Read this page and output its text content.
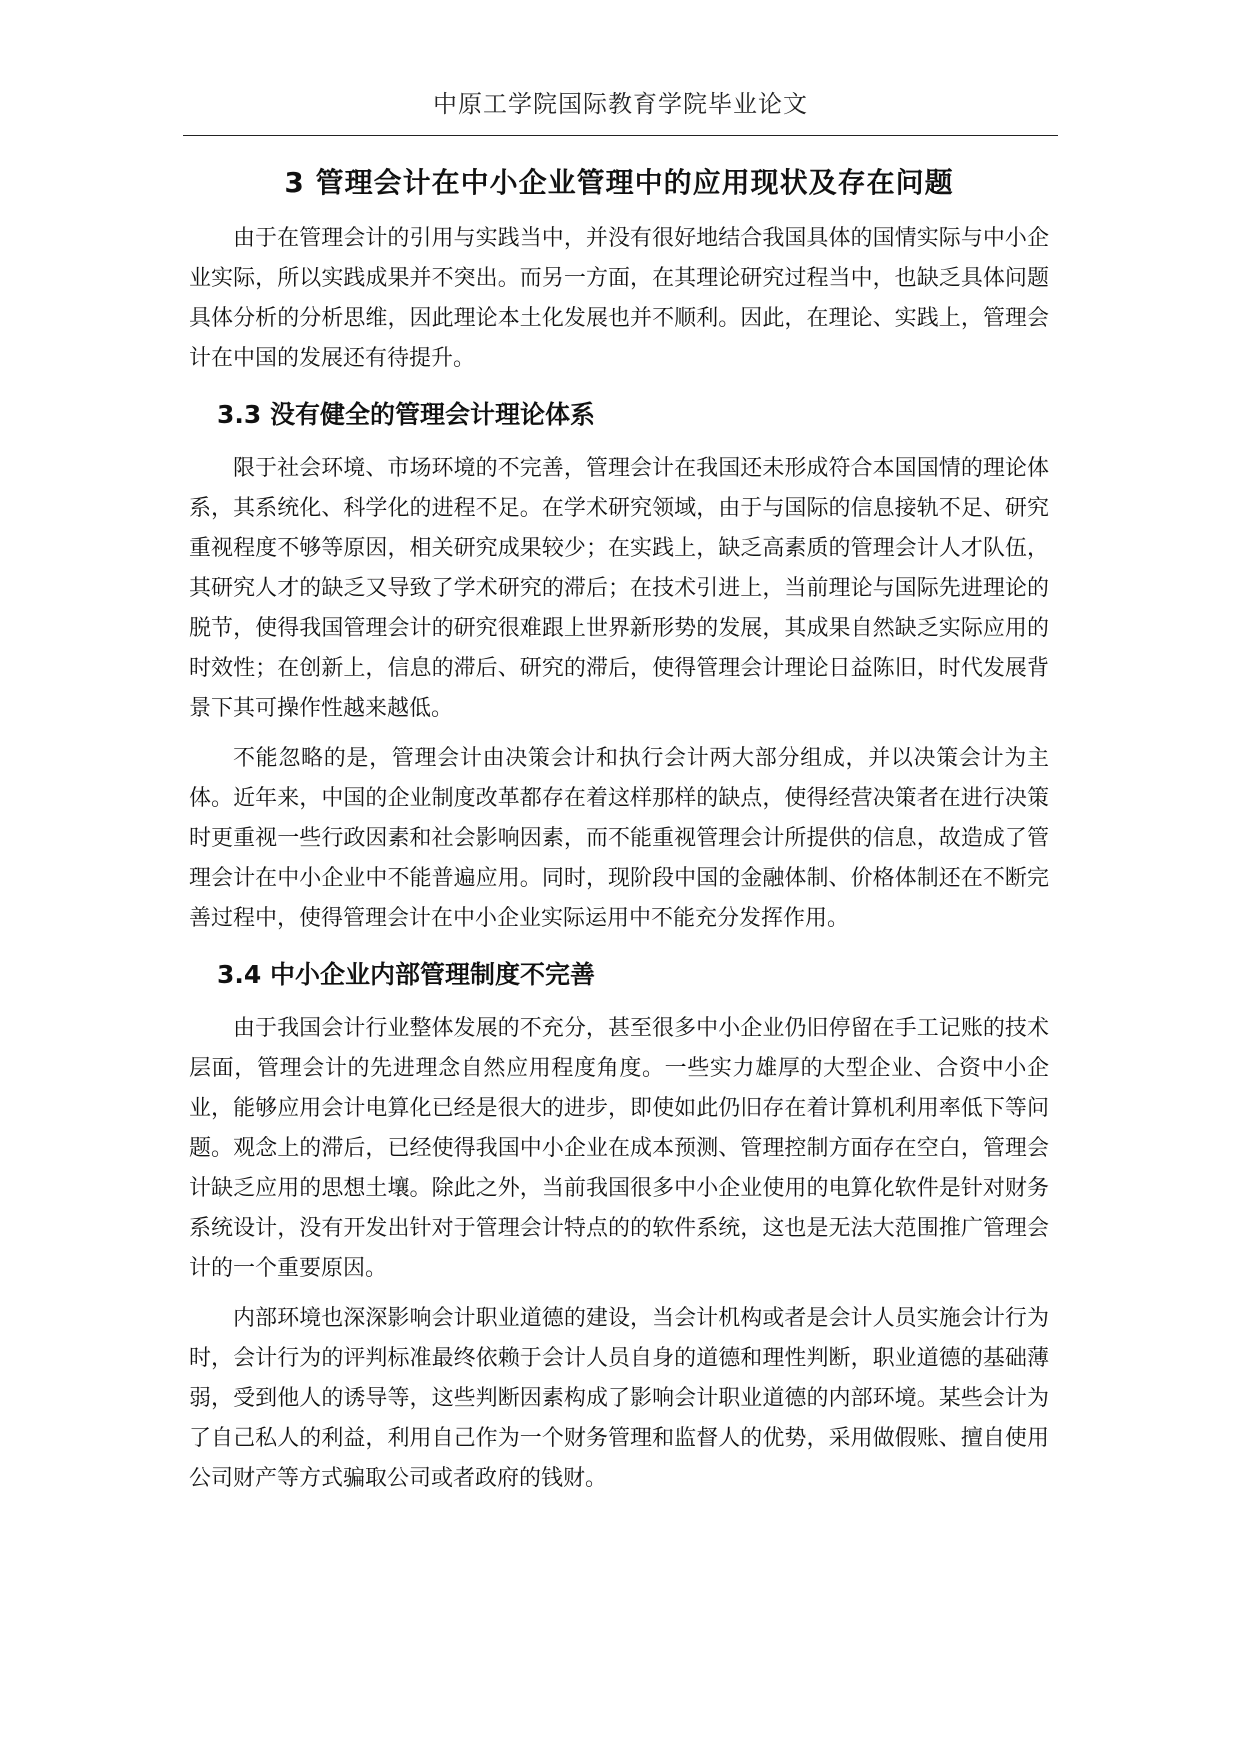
中原工学院国际教育学院毕业论文
3 管理会计在中小企业管理中的应用现状及存在问题

由于在管理会计的引用与实践当中，并没有很好地结合我国具体的国情实际与中小企业实际，所以实践成果并不突出。而另一方面，在其理论研究过程当中，也缺乏具体问题具体分析的分析思维，因此理论本土化发展也并不顺利。因此，在理论、实践上，管理会计在中国的发展还有待提升。

3.3 没有健全的管理会计理论体系

限于社会环境、市场环境的不完善，管理会计在我国还未形成符合本国国情的理论体系，其系统化、科学化的进程不足。在学术研究领域，由于与国际的信息接轨不足、研究重视程度不够等原因，相关研究成果较少；在实践上，缺乏高素质的管理会计人才队伍，其研究人才的缺乏又导致了学术研究的滞后；在技术引进上，当前理论与国际先进理论的脱节，使得我国管理会计的研究很难跟上世界新形势的发展，其成果自然缺乏实际应用的时效性；在创新上，信息的滞后、研究的滞后，使得管理会计理论日益陈旧，时代发展背景下其可操作性越来越低。

不能忽略的是，管理会计由决策会计和执行会计两大部分组成，并以决策会计为主体。近年来，中国的企业制度改革都存在着这样那样的缺点，使得经营决策者在进行决策时更重视一些行政因素和社会影响因素，而不能重视管理会计所提供的信息，故造成了管理会计在中小企业中不能普遍应用。同时，现阶段中国的金融体制、价格体制还在不断完善过程中，使得管理会计在中小企业实际运用中不能充分发挥作用。

3.4 中小企业内部管理制度不完善

由于我国会计行业整体发展的不充分，甚至很多中小企业仍旧停留在手工记账的技术层面，管理会计的先进理念自然应用程度角度。一些实力雄厚的大型企业、合资中小企业，能够应用会计电算化已经是很大的进步，即使如此仍旧存在着计算机利用率低下等问题。观念上的滞后，已经使得我国中小企业在成本预测、管理控制方面存在空白，管理会计缺乏应用的思想土壤。除此之外，当前我国很多中小企业使用的电算化软件是针对财务系统设计，没有开发出针对于管理会计特点的的软件系统，这也是无法大范围推广管理会计的一个重要原因。

内部环境也深深影响会计职业道德的建设，当会计机构或者是会计人员实施会计行为时，会计行为的评判标准最终依赖于会计人员自身的道德和理性判断，职业道德的基础薄弱，受到他人的诱导等，这些判断因素构成了影响会计职业道德的内部环境。某些会计为了自己私人的利益，利用自己作为一个财务管理和监督人的优势，采用做假账、擅自使用公司财产等方式骗取公司或者政府的钱财。
